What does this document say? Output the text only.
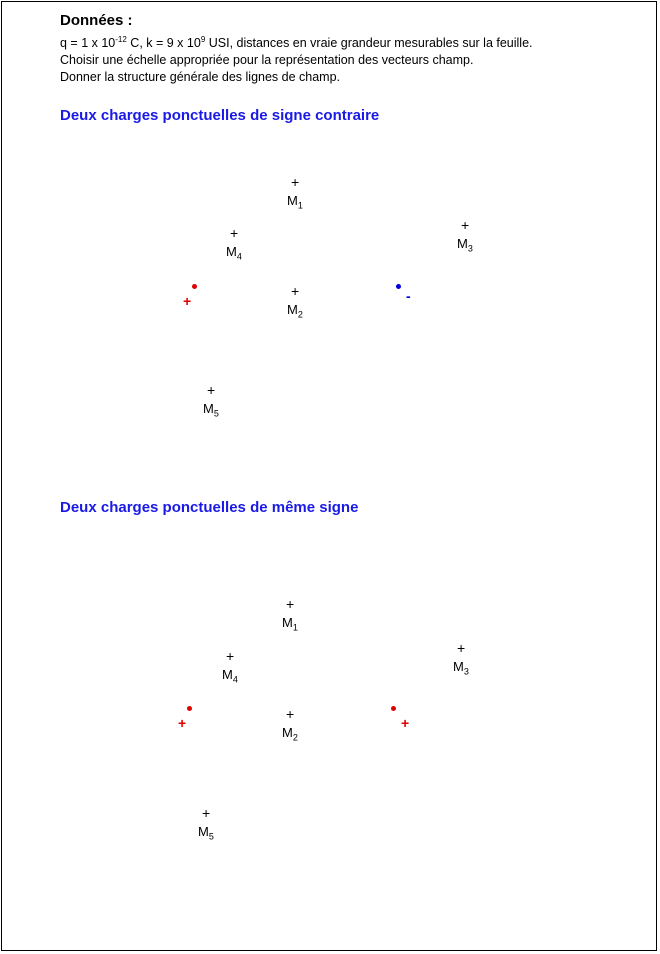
Données :
q = 1 x $10^{-12}$ C, k = 9 x $10^9$ USI, distances en vraie grandeur mesurables sur la feuille.
Choisir une échelle appropriée pour la représentation des vecteurs champ.
Donner la structure générale des lignes de champ.
Deux charges ponctuelles de signe contraire
+
$M_1$
+
$M_4$
+
$M_3$
+
$M_2$
+
$M_5$
+	-
Deux charges ponctuelles de même signe
+
$M_1$
+
$M_4$
+
$M_3$
+
$M_2$
+
$M_5$
+	+
